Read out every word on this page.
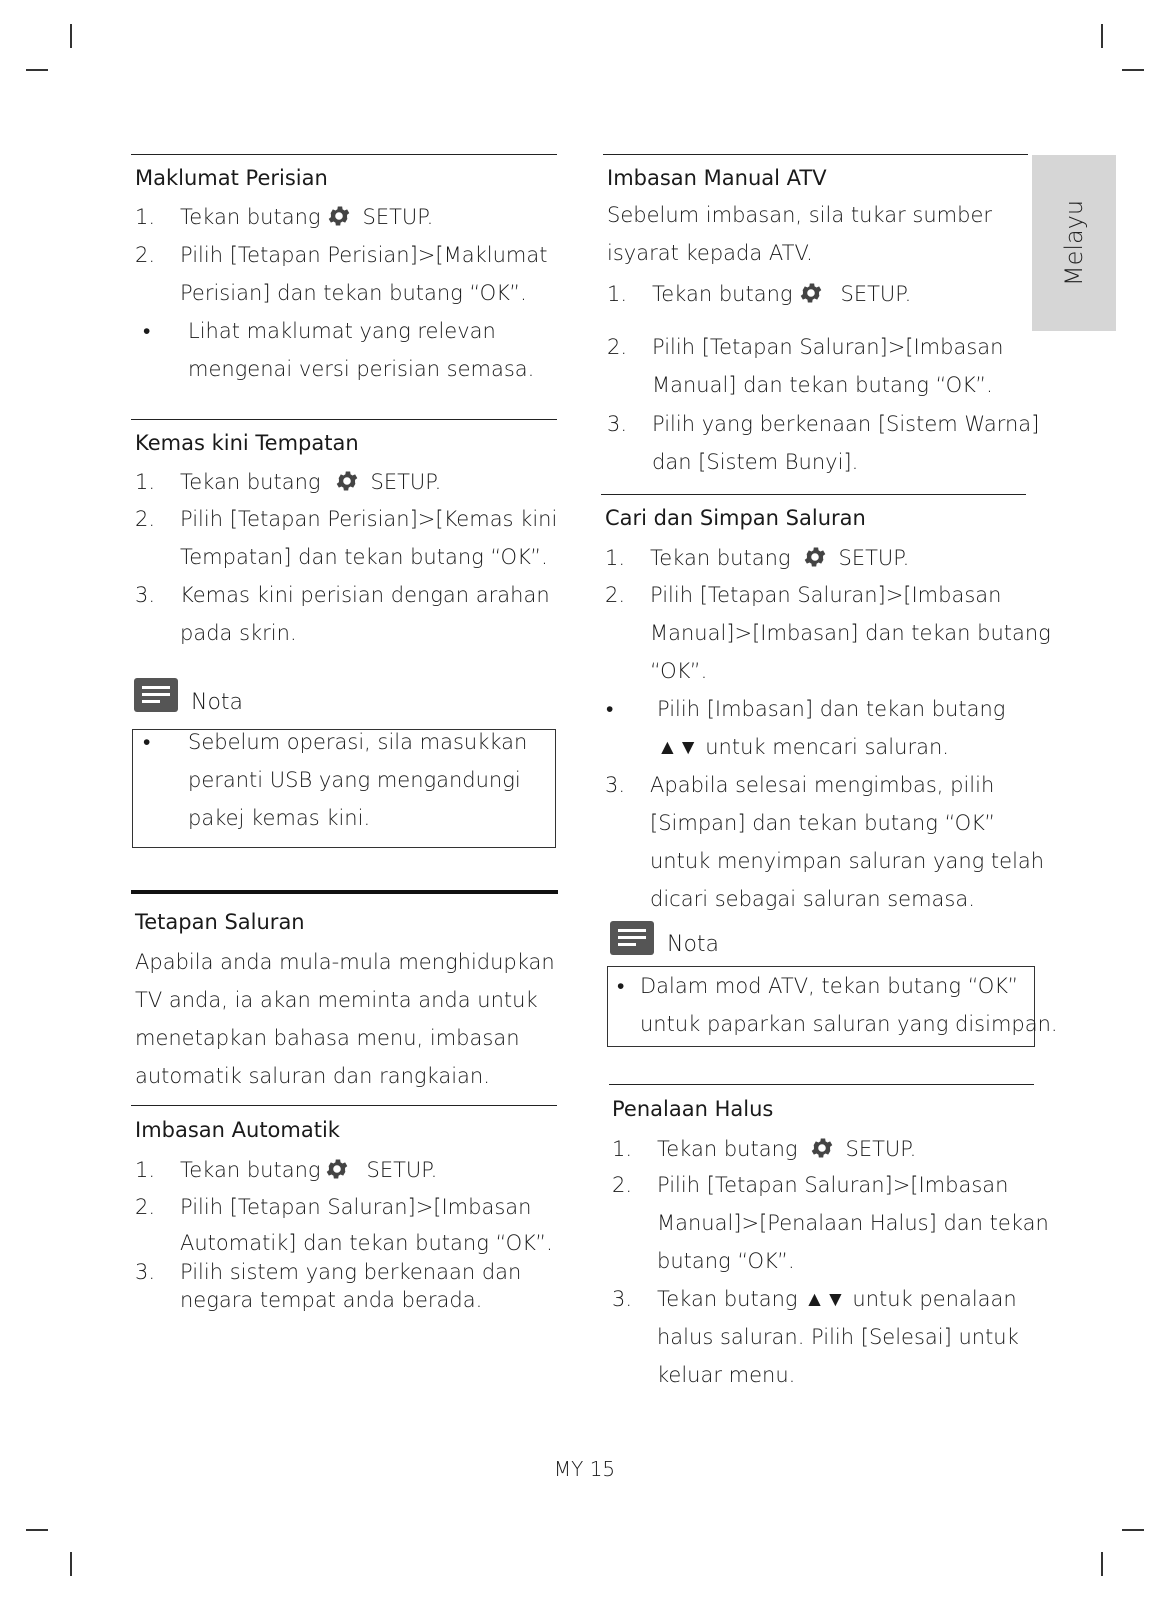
Melayu
Maklumat Perisian
1. Tekan butang SETUP.
2. Pilih [Tetapan Perisian]>[Maklumat
Perisian] dan tekan butang “OK”.
• Lihat maklumat yang relevan
mengenai versi perisian semasa.
Kemas kini Tempatan
1. Tekan butang SETUP.
2. Pilih [Tetapan Perisian]>[Kemas kini
Tempatan] dan tekan butang “OK”.
3. Kemas kini perisian dengan arahan
pada skrin.
Nota
• Sebelum operasi, sila masukkan
peranti USB yang mengandungi
pakej kemas kini.
Tetapan Saluran
Apabila anda mula-mula menghidupkan
TV anda, ia akan meminta anda untuk
menetapkan bahasa menu, imbasan
automatik saluran dan rangkaian.
Imbasan Automatik
1. Tekan butang SETUP.
2. Pilih [Tetapan Saluran]>[Imbasan
Automatik] dan tekan butang “OK”.
3. Pilih sistem yang berkenaan dan
negara tempat anda berada.
Imbasan Manual ATV
Sebelum imbasan, sila tukar sumber
isyarat kepada ATV.
1. Tekan butang SETUP.
2. Pilih [Tetapan Saluran]>[Imbasan
Manual] dan tekan butang “OK”.
3. Pilih yang berkenaan [Sistem Warna]
dan [Sistem Bunyi].
Cari dan Simpan Saluran
1. Tekan butang SETUP.
2. Pilih [Tetapan Saluran]>[Imbasan
Manual]>[Imbasan] dan tekan butang
“OK”.
• Pilih [Imbasan] dan tekan butang
▲▼ untuk mencari saluran.
3. Apabila selesai mengimbas, pilih
[Simpan] dan tekan butang “OK”
untuk menyimpan saluran yang telah
dicari sebagai saluran semasa.
Nota
• Dalam mod ATV, tekan butang “OK”
untuk paparkan saluran yang disimpan.
Penalaan Halus
1. Tekan butang SETUP.
2. Pilih [Tetapan Saluran]>[Imbasan
Manual]>[Penalaan Halus] dan tekan
butang “OK”.
3. Tekan butang ▲▼ untuk penalaan
halus saluran. Pilih [Selesai] untuk
keluar menu.
MY 15
